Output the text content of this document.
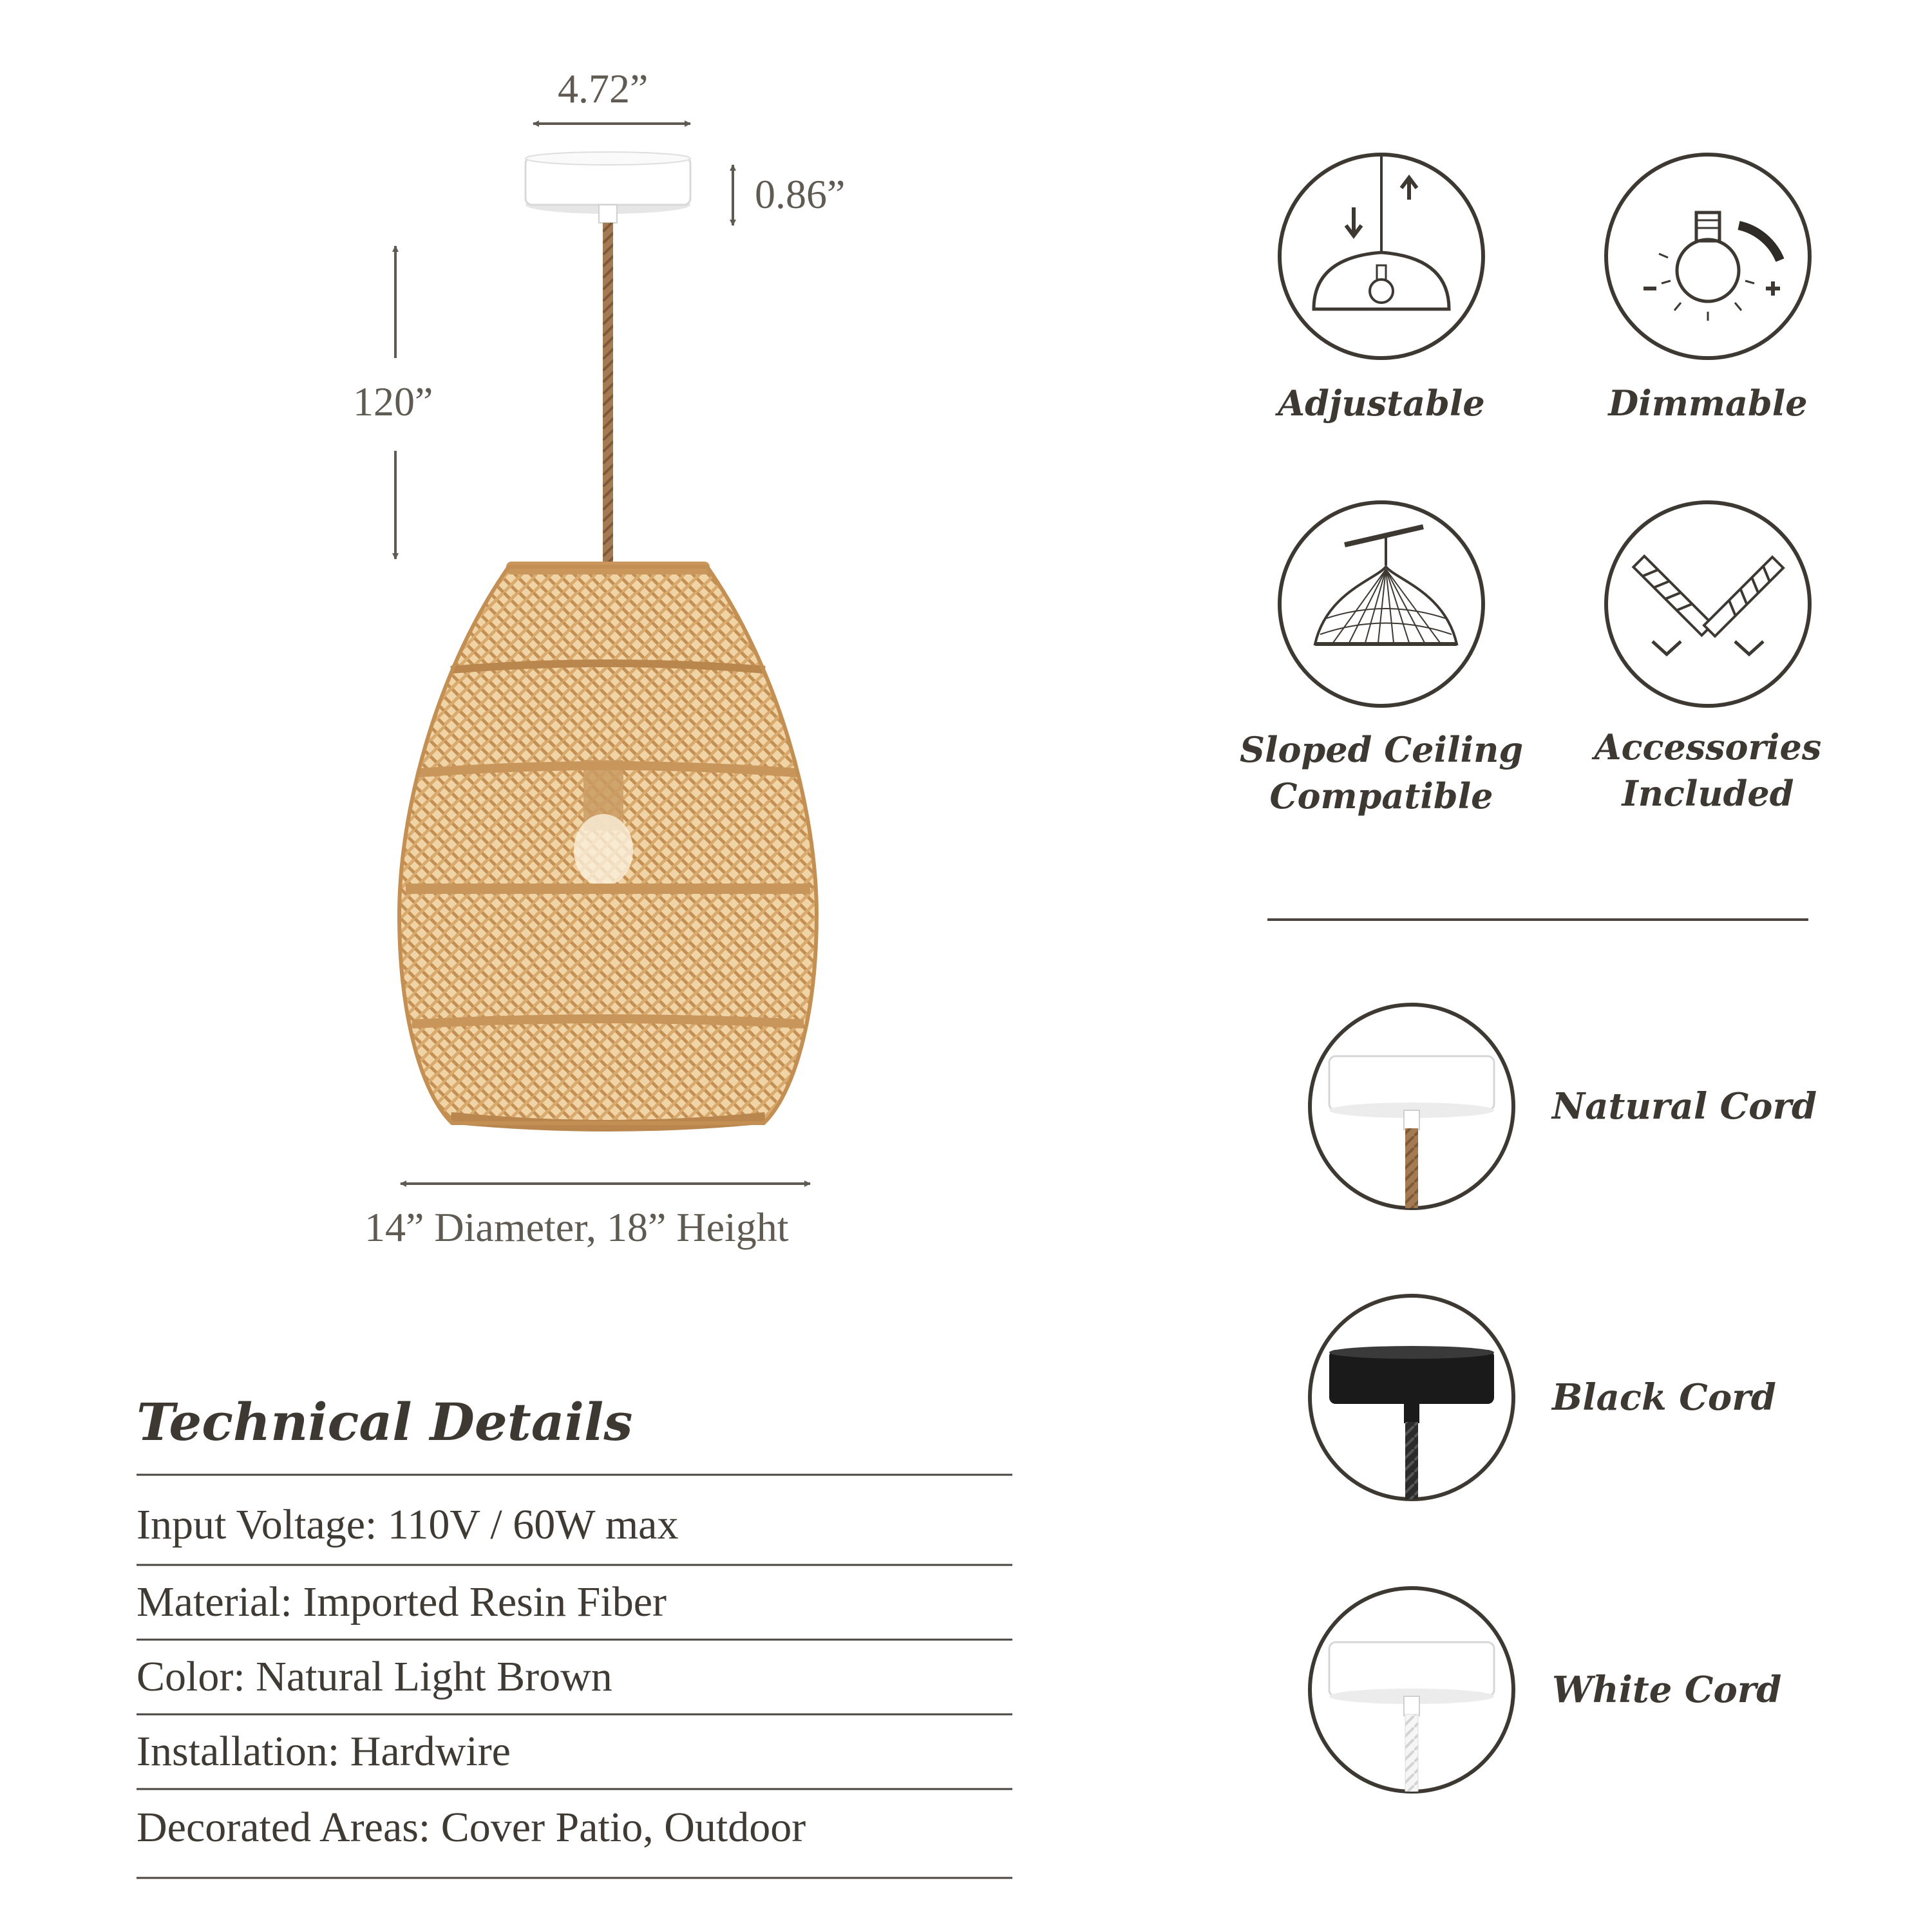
4.72”
0.86”
120”
14” Diameter, 18” Height
Adjustable	Dimmable
Sloped Ceiling
Compatible
Accessories
Included
Natural Cord
Black Cord
White Cord
Technical Details
Input Voltage: 110V / 60W max
Material: Imported Resin Fiber
Color: Natural Light Brown
Installation: Hardwire
Decorated Areas: Cover Patio, Outdoor
